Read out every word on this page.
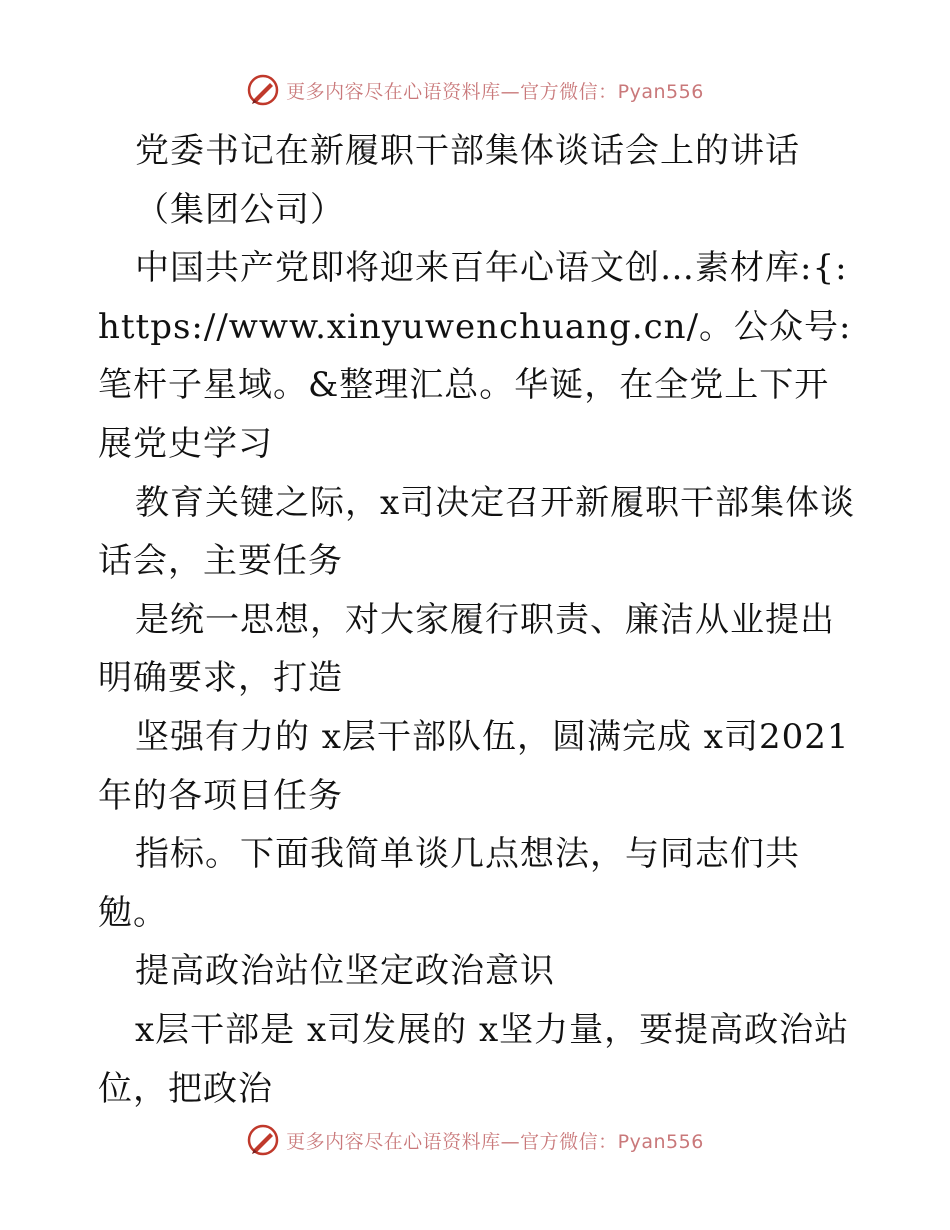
更多内容尽在心语资料库—官方微信：Pyan556

党委书记在新履职干部集体谈话会上的讲话

（集团公司）

中国共产党即将迎来百年心语文创…素材库:{:https://www.xinyuwenchuang.cn/。公众号: 笔杆子星域。&整理汇总。华诞，在全党上下开展党史学习

教育关键之际，x司决定召开新履职干部集体谈话会，主要任务

是统一思想，对大家履行职责、廉洁从业提出明确要求，打造

坚强有力的 x层干部队伍，圆满完成 x司2021年的各项目任务

指标。下面我简单谈几点想法，与同志们共勉。

提高政治站位坚定政治意识

x层干部是 x司发展的 x坚力量，要提高政治站位，把政治

更多内容尽在心语资料库—官方微信：Pyan556
